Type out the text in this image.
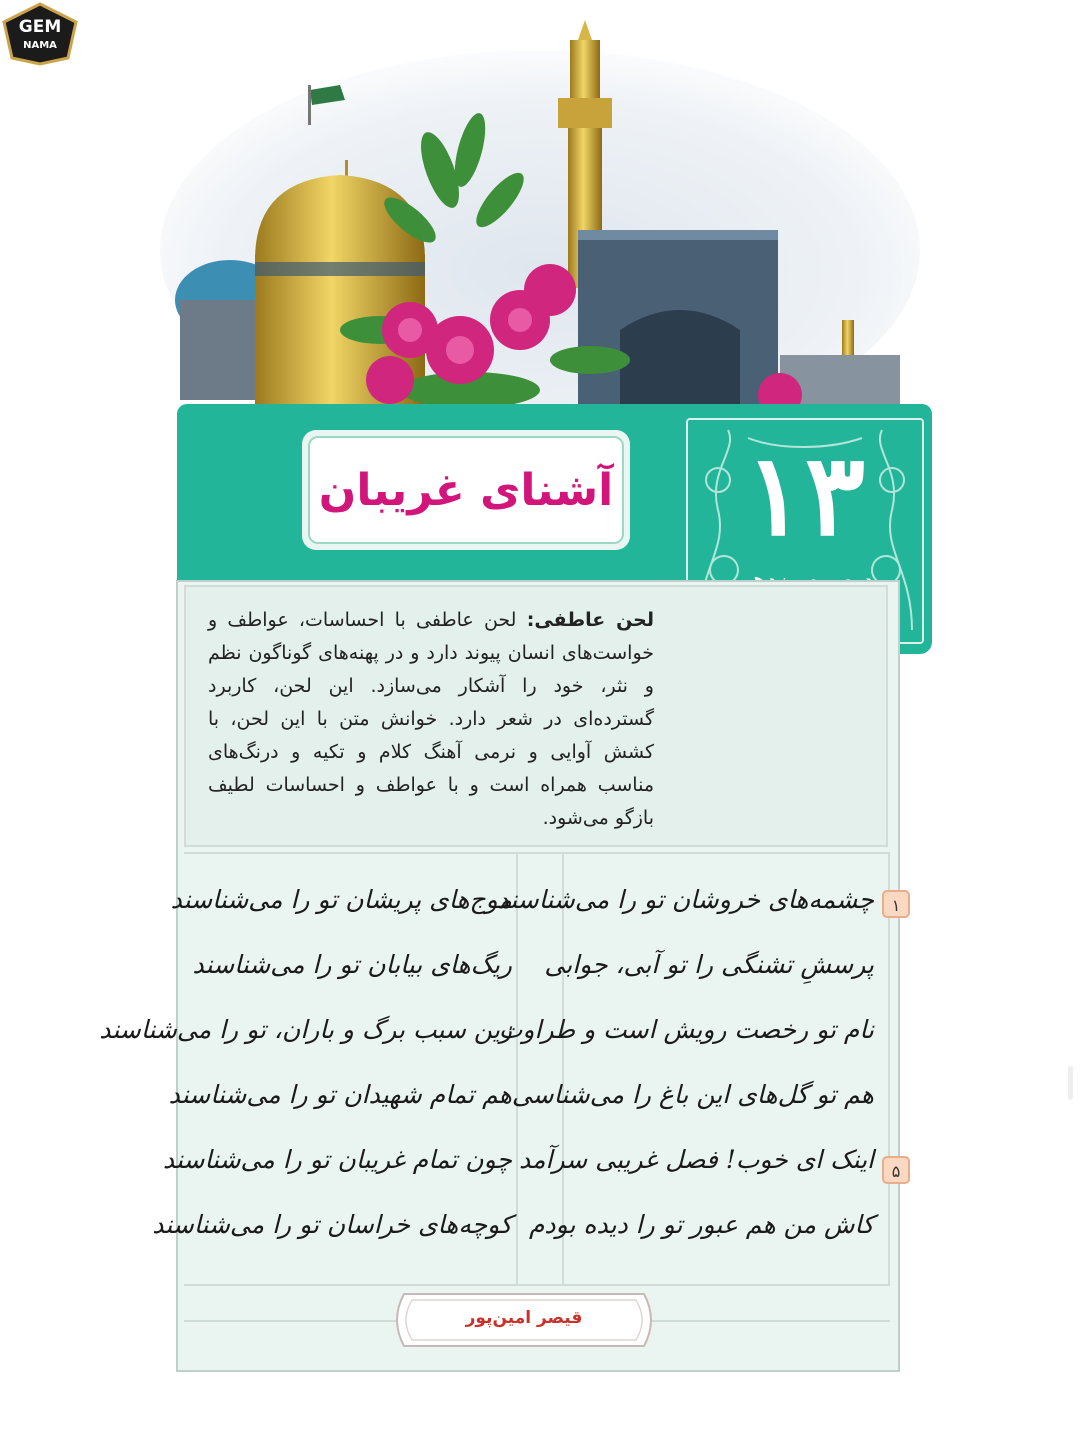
GEM
NAMA
آشنای غریبان	۱۳
لحن عاطفی: لحن عاطفی با احساسات، عواطف و خواست‌های انسان پیوند دارد و در پهنه‌های گوناگون نظم و نثر، خود را آشکار می‌سازد. این لحن، کاربرد گسترده‌ای در شعر دارد. خوانش متن با این لحن، با کشش آوایی و نرمی آهنگ کلام و تکیه و درنگ‌های مناسب همراه است و با عواطف و احساسات لطیف بازگو می‌شود.
چشمه‌های خروشان تو را می‌شناسند
پرسشِ تشنگی را تو آبی، جوابی
نام تو رخصت رویش است و طراوت
هم تو گل‌های این باغ را می‌شناسی
اینک ای خوب! فصل غریبی سرآمد
کاش من هم عبور تو را دیده بودم
موج‌های پریشان تو را می‌شناسند
ریگ‌های بیابان تو را می‌شناسند
زین سبب برگ و باران، تو را می‌شناسند
هم تمام شهیدان تو را می‌شناسند
چون تمام غریبان تو را می‌شناسند
کوچه‌های خراسان تو را می‌شناسند
۱
۵
قیصر امین‌پور
